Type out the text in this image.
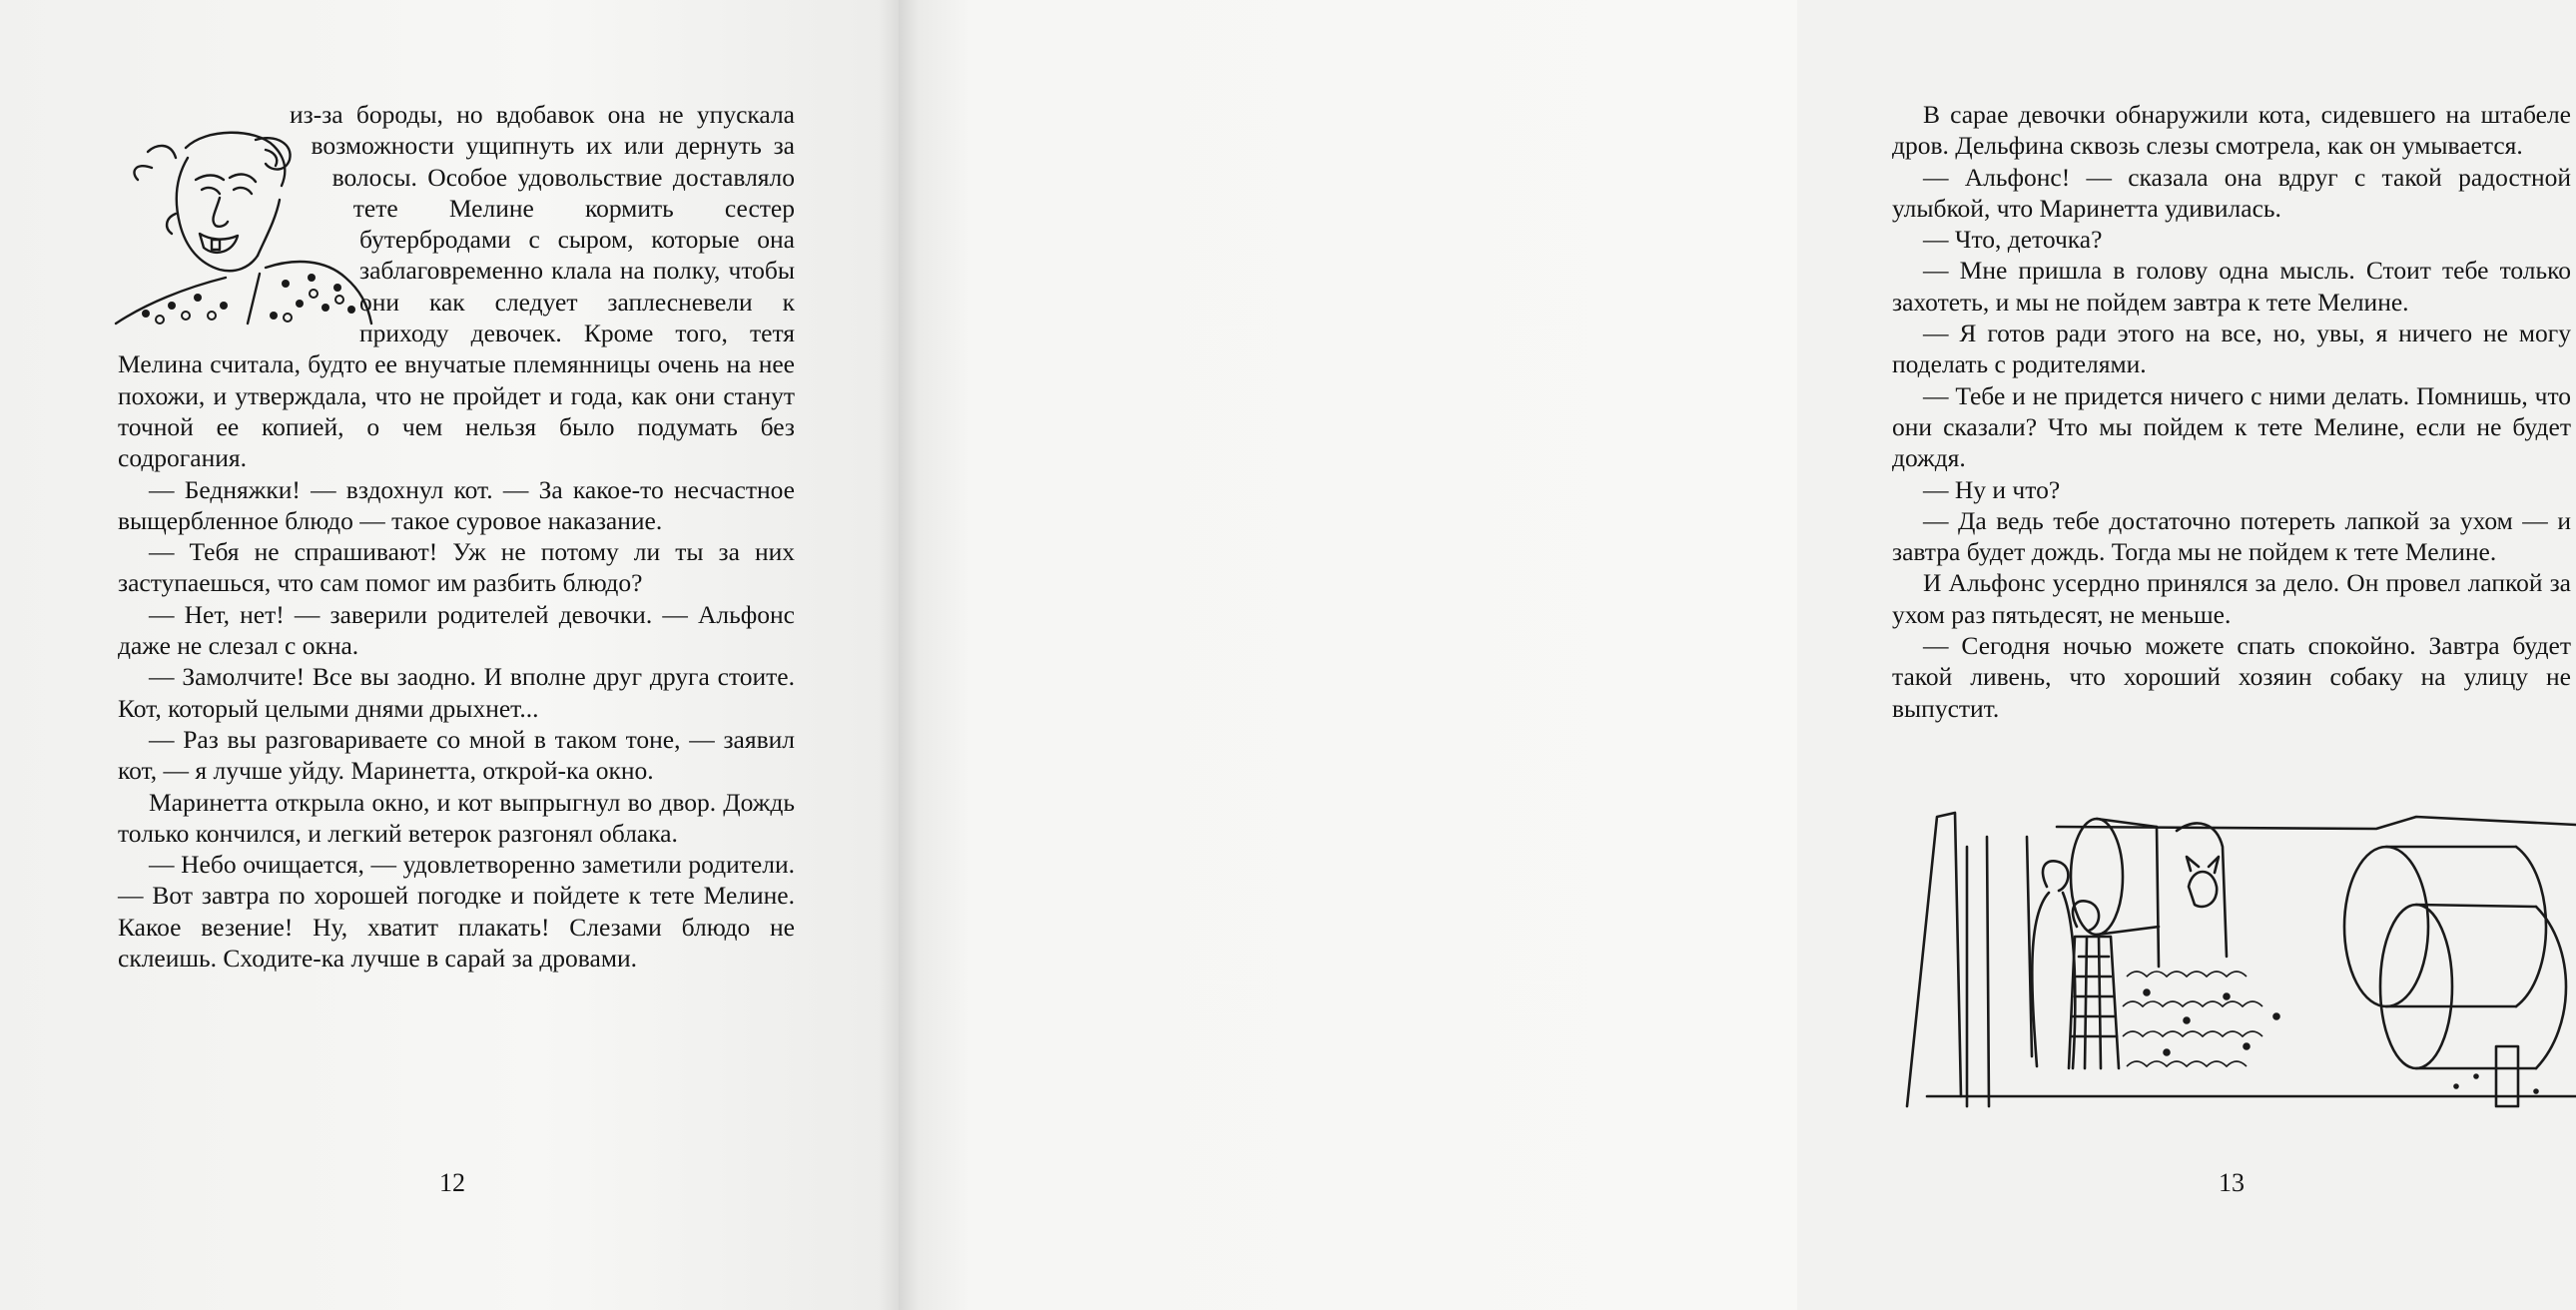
из-за бороды, но вдобавок она не упускала возможности ущипнуть их или дернуть за волосы. Особое удовольствие доставляло тете Мелине кормить сестер бутербродами с сыром, которые она заблаговременно клала на полку, чтобы они как следует заплесневели к приходу девочек. Кроме того, тетя Мелина считала, будто ее внучатые племянницы очень на нее похожи, и утверждала, что не пройдет и года, как они станут точной ее копией, о чем нельзя было подумать без содрогания.

— Бедняжки! — вздохнул кот. — За какое-то несчастное выщербленное блюдо — такое суровое наказание.

— Тебя не спрашивают! Уж не потому ли ты за них заступаешься, что сам помог им разбить блюдо?

— Нет, нет! — заверили родителей девочки. — Альфонс даже не слезал с окна.

— Замолчите! Все вы заодно. И вполне друг друга стоите. Кот, который целыми днями дрыхнет...

— Раз вы разговариваете со мной в таком тоне, — заявил кот, — я лучше уйду. Маринетта, открой-ка окно.

Маринетта открыла окно, и кот выпрыгнул во двор. Дождь только кончился, и легкий ветерок разгонял облака.

— Небо очищается, — удовлетворенно заметили родители. — Вот завтра по хорошей погодке и пойдете к тете Мелине. Какое везение! Ну, хватит плакать! Слезами блюдо не склеишь. Сходите-ка лучше в сарай за дровами.

12

В сарае девочки обнаружили кота, сидевшего на штабеле дров. Дельфина сквозь слезы смотрела, как он умывается.

— Альфонс! — сказала она вдруг с такой радостной улыбкой, что Маринетта удивилась.

— Что, деточка?

— Мне пришла в голову одна мысль. Стоит тебе только захотеть, и мы не пойдем завтра к тете Мелине.

— Я готов ради этого на все, но, увы, я ничего не могу поделать с родителями.

— Тебе и не придется ничего с ними делать. Помнишь, что они сказали? Что мы пойдем к тете Мелине, если не будет дождя.

— Ну и что?

— Да ведь тебе достаточно потереть лапкой за ухом — и завтра будет дождь. Тогда мы не пойдем к тете Мелине.

И Альфонс усердно принялся за дело. Он провел лапкой за ухом раз пятьдесят, не меньше.

— Сегодня ночью можете спать спокойно. Завтра будет такой ливень, что хороший хозяин собаку на улицу не выпустит.

13
